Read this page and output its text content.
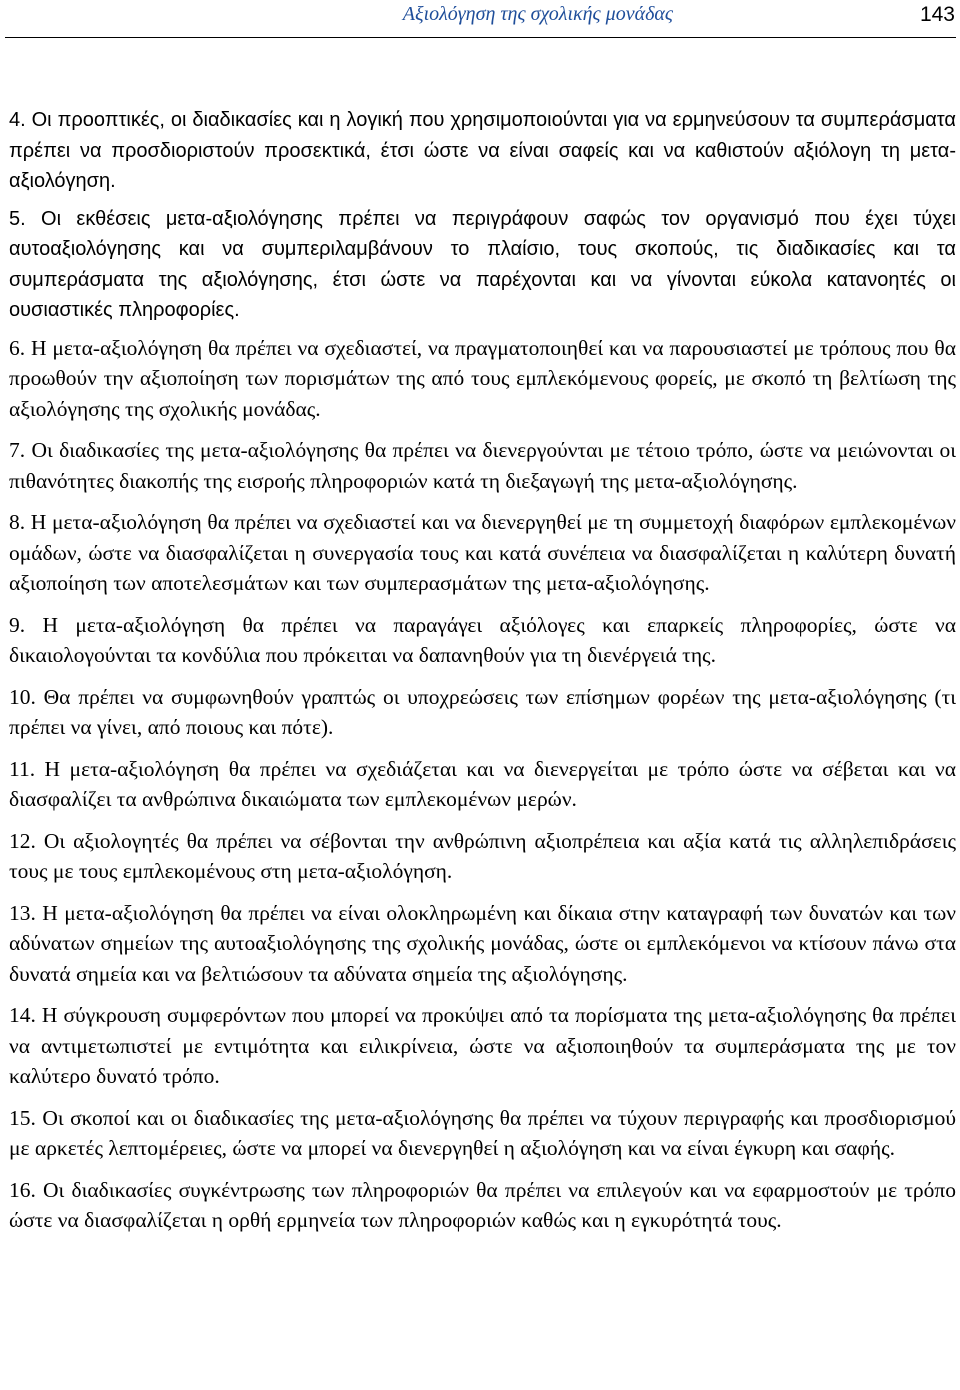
Αξιολόγηση της σχολικής μονάδας	143

4. Οι προοπτικές, οι διαδικασίες και η λογική που χρησιμοποιούνται για να ερμηνεύσουν τα συμπεράσματα πρέπει να προσδιοριστούν προσεκτικά, έτσι ώστε να είναι σαφείς και να καθιστούν αξιόλογη τη μετα-αξιολόγηση.

5. Οι εκθέσεις μετα-αξιολόγησης πρέπει να περιγράφουν σαφώς τον οργανισμό που έχει τύχει αυτοαξιολόγησης και να συμπεριλαμβάνουν το πλαίσιο, τους σκοπούς, τις διαδικασίες και τα συμπεράσματα της αξιολόγησης, έτσι ώστε να παρέχονται και να γίνονται εύκολα κατανοητές οι ουσιαστικές πληροφορίες.

6. Η μετα-αξιολόγηση θα πρέπει να σχεδιαστεί, να πραγματοποιηθεί και να παρουσιαστεί με τρόπους που θα προωθούν την αξιοποίηση των πορισμάτων της από τους εμπλεκόμενους φορείς, με σκοπό τη βελτίωση της αξιολόγησης της σχολικής μονάδας.

7. Οι διαδικασίες της μετα-αξιολόγησης θα πρέπει να διενεργούνται με τέτοιο τρόπο, ώστε να μειώνονται οι πιθανότητες διακοπής της εισροής πληροφοριών κατά τη διεξαγωγή της μετα-αξιολόγησης.

8. Η μετα-αξιολόγηση θα πρέπει να σχεδιαστεί και να διενεργηθεί με τη συμμετοχή διαφόρων εμπλεκομένων ομάδων, ώστε να διασφαλίζεται η συνεργασία τους και κατά συνέπεια να διασφαλίζεται η καλύτερη δυνατή αξιοποίηση των αποτελεσμάτων και των συμπερασμάτων της μετα-αξιολόγησης.

9. Η μετα-αξιολόγηση θα πρέπει να παραγάγει αξιόλογες και επαρκείς πληροφορίες, ώστε να δικαιολογούνται τα κονδύλια που πρόκειται να δαπανηθούν για τη διενέργειά της.

10. Θα πρέπει να συμφωνηθούν γραπτώς οι υποχρεώσεις των επίσημων φορέων της μετα-αξιολόγησης (τι πρέπει να γίνει, από ποιους και πότε).

11. Η μετα-αξιολόγηση θα πρέπει να σχεδιάζεται και να διενεργείται με τρόπο ώστε να σέβεται και να διασφαλίζει τα ανθρώπινα δικαιώματα των εμπλεκομένων μερών.

12. Οι αξιολογητές θα πρέπει να σέβονται την ανθρώπινη αξιοπρέπεια και αξία κατά τις αλληλεπιδράσεις τους με τους εμπλεκομένους στη μετα-αξιολόγηση.

13. Η μετα-αξιολόγηση θα πρέπει να είναι ολοκληρωμένη και δίκαια στην καταγραφή των δυνατών και των αδύνατων σημείων της αυτοαξιολόγησης της σχολικής μονάδας, ώστε οι εμπλεκόμενοι να κτίσουν πάνω στα δυνατά σημεία και να βελτιώσουν τα αδύνατα σημεία της αξιολόγησης.

14. Η σύγκρουση συμφερόντων που μπορεί να προκύψει από τα πορίσματα της μετα-αξιολόγησης θα πρέπει να αντιμετωπιστεί με εντιμότητα και ειλικρίνεια, ώστε να αξιοποιηθούν τα συμπεράσματα της με τον καλύτερο δυνατό τρόπο.

15. Οι σκοποί και οι διαδικασίες της μετα-αξιολόγησης θα πρέπει να τύχουν περιγραφής και προσδιορισμού με αρκετές λεπτομέρειες, ώστε να μπορεί να διενεργηθεί η αξιολόγηση και να είναι έγκυρη και σαφής.

16. Οι διαδικασίες συγκέντρωσης των πληροφοριών θα πρέπει να επιλεγούν και να εφαρμοστούν με τρόπο ώστε να διασφαλίζεται η ορθή ερμηνεία των πληροφοριών καθώς και η εγκυρότητά τους.
